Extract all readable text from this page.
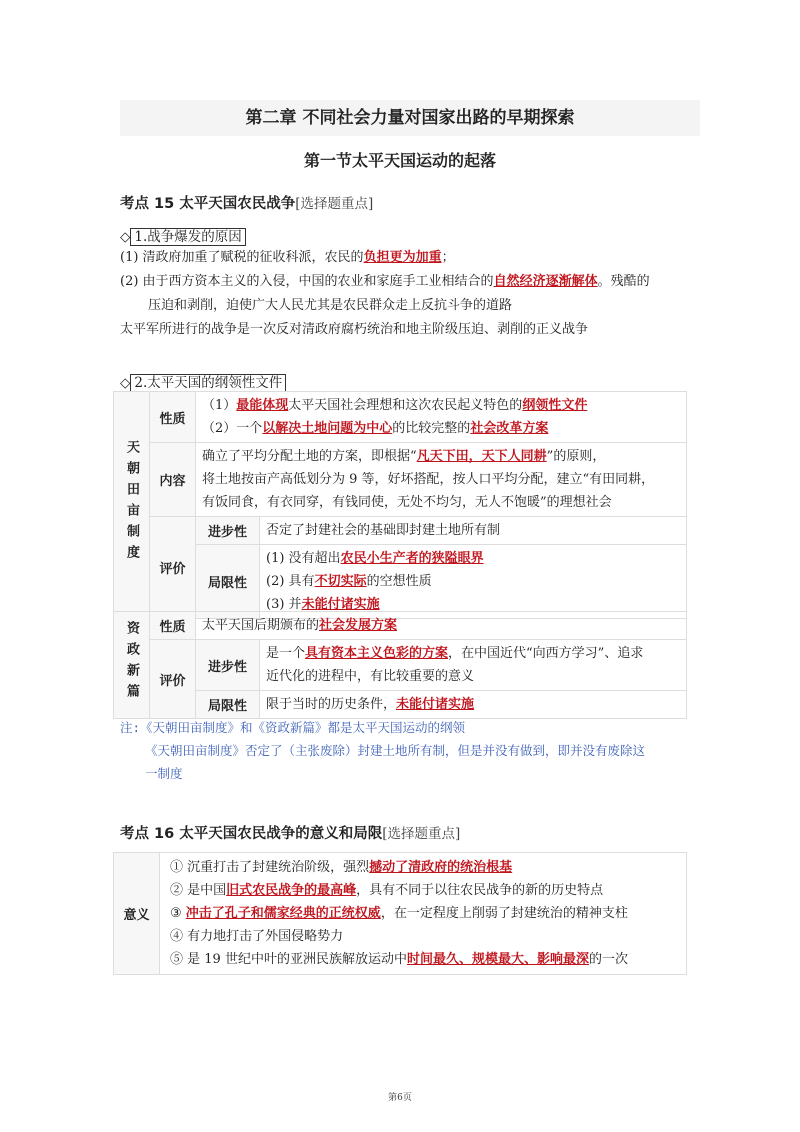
第二章 不同社会力量对国家出路的早期探索
第一节太平天国运动的起落
考点 15 太平天国农民战争[选择题重点]
◇ 1.战争爆发的原因
(1) 清政府加重了赋税的征收科派，农民的负担更为加重；
(2) 由于西方资本主义的入侵，中国的农业和家庭手工业相结合的自然经济逐渐解体。残酷的
压迫和剥削，迫使广大人民尤其是农民群众走上反抗斗争的道路
太平军所进行的战争是一次反对清政府腐朽统治和地主阶级压迫、剥削的正义战争
◇ 2.太平天国的纲领性文件
天朝田亩制度	性质	（1）最能体现太平天国社会理想和这次农民起义特色的纲领性文件
（2）一个以解决土地问题为中心的比较完整的社会改革方案	

	内容	确立了平均分配土地的方案，即根据“凡天下田，天下人同耕”的原则，
将土地按亩产高低划分为 9 等，好坏搭配，按人口平均分配，建立“有田同耕，
有饭同食，有衣同穿，有钱同使，无处不均匀，无人不饱暖”的理想社会	

	评价	进步性	否定了封建社会的基础即封建土地所有制
		局限性	(1) 没有超出农民小生产者的狭隘眼界
(2) 具有不切实际的空想性质
(3) 并未能付诸实施
资政新篇	性质	太平天国后期颁布的社会发展方案	
	评价	进步性	是一个具有资本主义色彩的方案，在中国近代“向西方学习”、追求
近代化的进程中，有比较重要的意义

		局限性	限于当时的历史条件，未能付诸实施
注:《天朝田亩制度》和《资政新篇》都是太平天国运动的纲领
《天朝田亩制度》否定了（主张废除）封建土地所有制，但是并没有做到，即并没有废除这
一制度
考点 16 太平天国农民战争的意义和局限[选择题重点]
意义	
① 沉重打击了封建统治阶级，强烈撼动了清政府的统治根基
② 是中国旧式农民战争的最高峰，具有不同于以往农民战争的新的历史特点
③ 冲击了孔子和儒家经典的正统权威，在一定程度上削弱了封建统治的精神支柱
④ 有力地打击了外国侵略势力
⑤ 是 19 世纪中叶的亚洲民族解放运动中时间最久、规模最大、影响最深的一次
第6页
